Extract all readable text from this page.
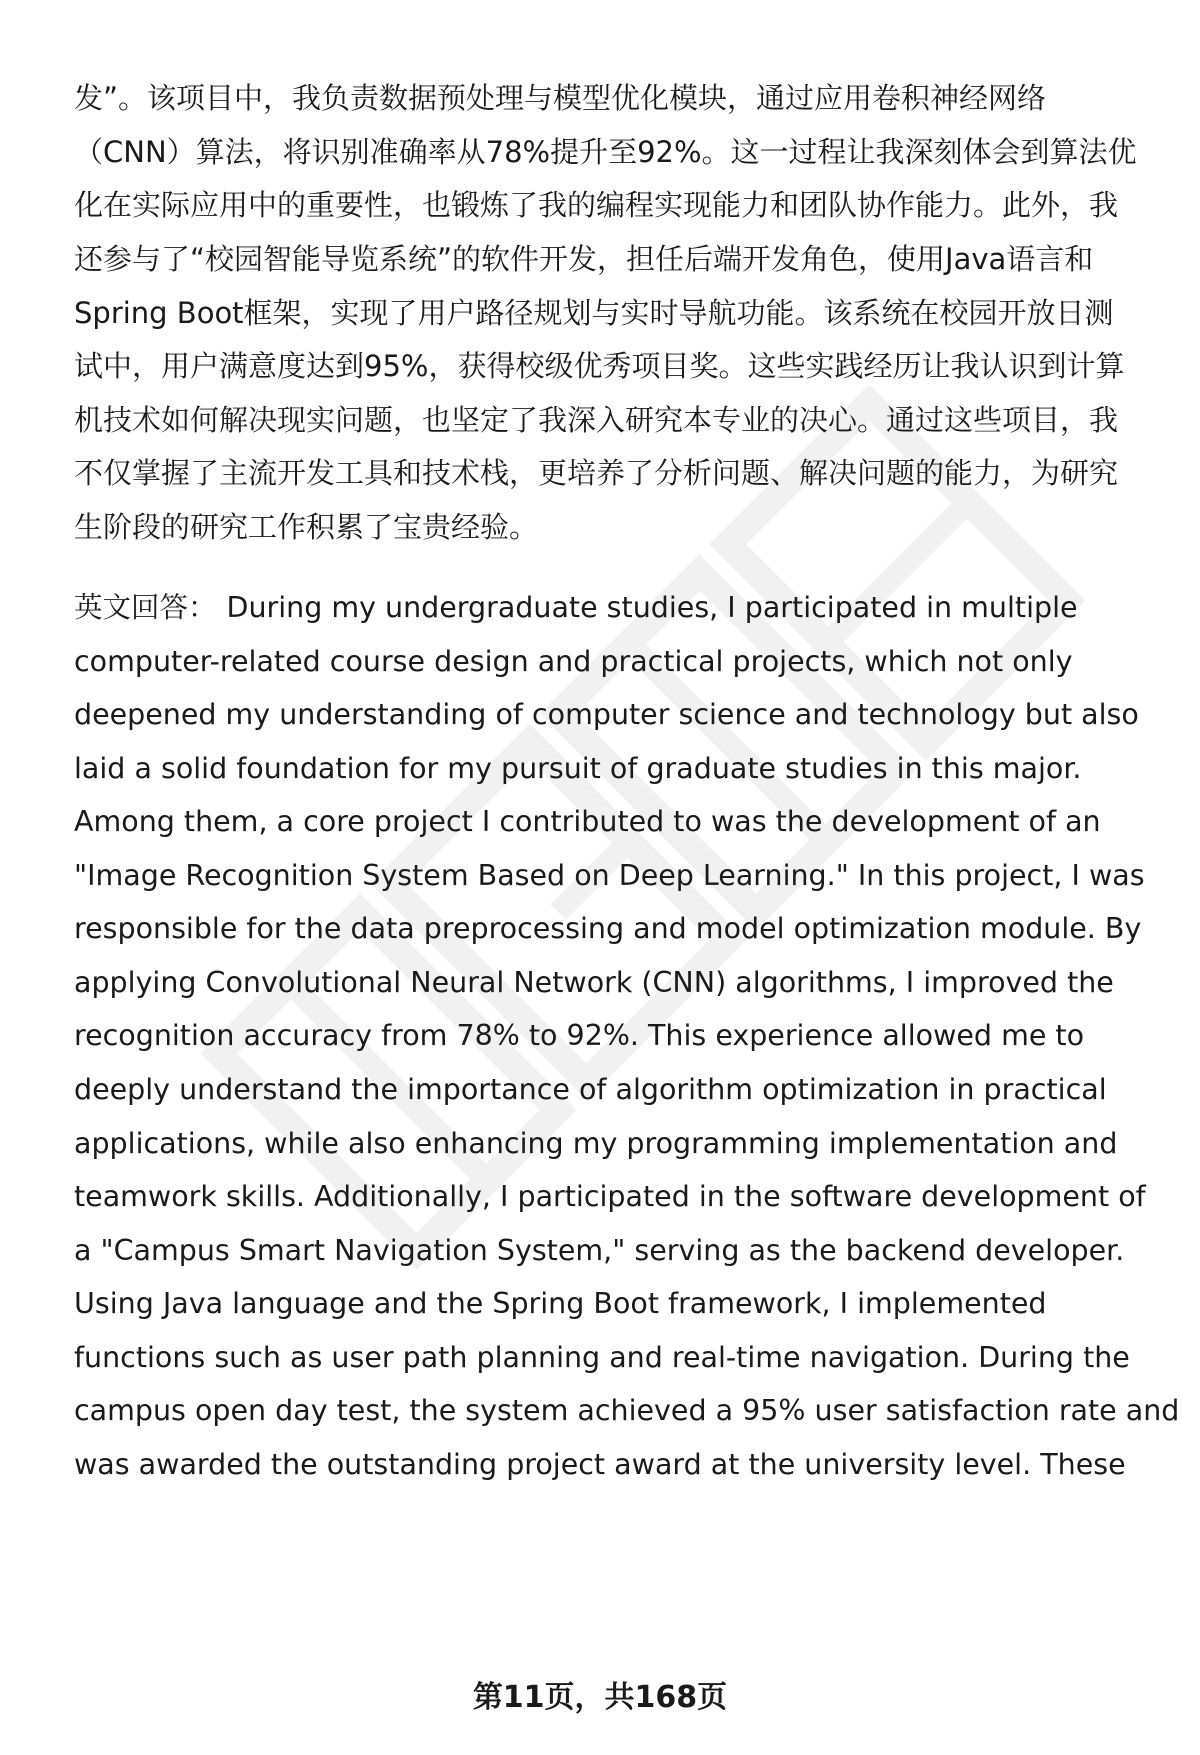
发”。该项目中，我负责数据预处理与模型优化模块，通过应用卷积神经网络
（CNN）算法，将识别准确率从78%提升至92%。这一过程让我深刻体会到算法优
化在实际应用中的重要性，也锻炼了我的编程实现能力和团队协作能力。此外，我
还参与了“校园智能导览系统”的软件开发，担任后端开发角色，使用Java语言和
Spring Boot框架，实现了用户路径规划与实时导航功能。该系统在校园开放日测
试中，用户满意度达到95%，获得校级优秀项目奖。这些实践经历让我认识到计算
机技术如何解决现实问题，也坚定了我深入研究本专业的决心。通过这些项目，我
不仅掌握了主流开发工具和技术栈，更培养了分析问题、解决问题的能力，为研究
生阶段的研究工作积累了宝贵经验。
英文回答： During my undergraduate studies, I participated in multiple
computer-related course design and practical projects, which not only
deepened my understanding of computer science and technology but also
laid a solid foundation for my pursuit of graduate studies in this major.
Among them, a core project I contributed to was the development of an
"Image Recognition System Based on Deep Learning." In this project, I was
responsible for the data preprocessing and model optimization module. By
applying Convolutional Neural Network (CNN) algorithms, I improved the
recognition accuracy from 78% to 92%. This experience allowed me to
deeply understand the importance of algorithm optimization in practical
applications, while also enhancing my programming implementation and
teamwork skills. Additionally, I participated in the software development of
a "Campus Smart Navigation System," serving as the backend developer.
Using Java language and the Spring Boot framework, I implemented
functions such as user path planning and real-time navigation. During the
campus open day test, the system achieved a 95% user satisfaction rate and
was awarded the outstanding project award at the university level. These
第11页，共168页
